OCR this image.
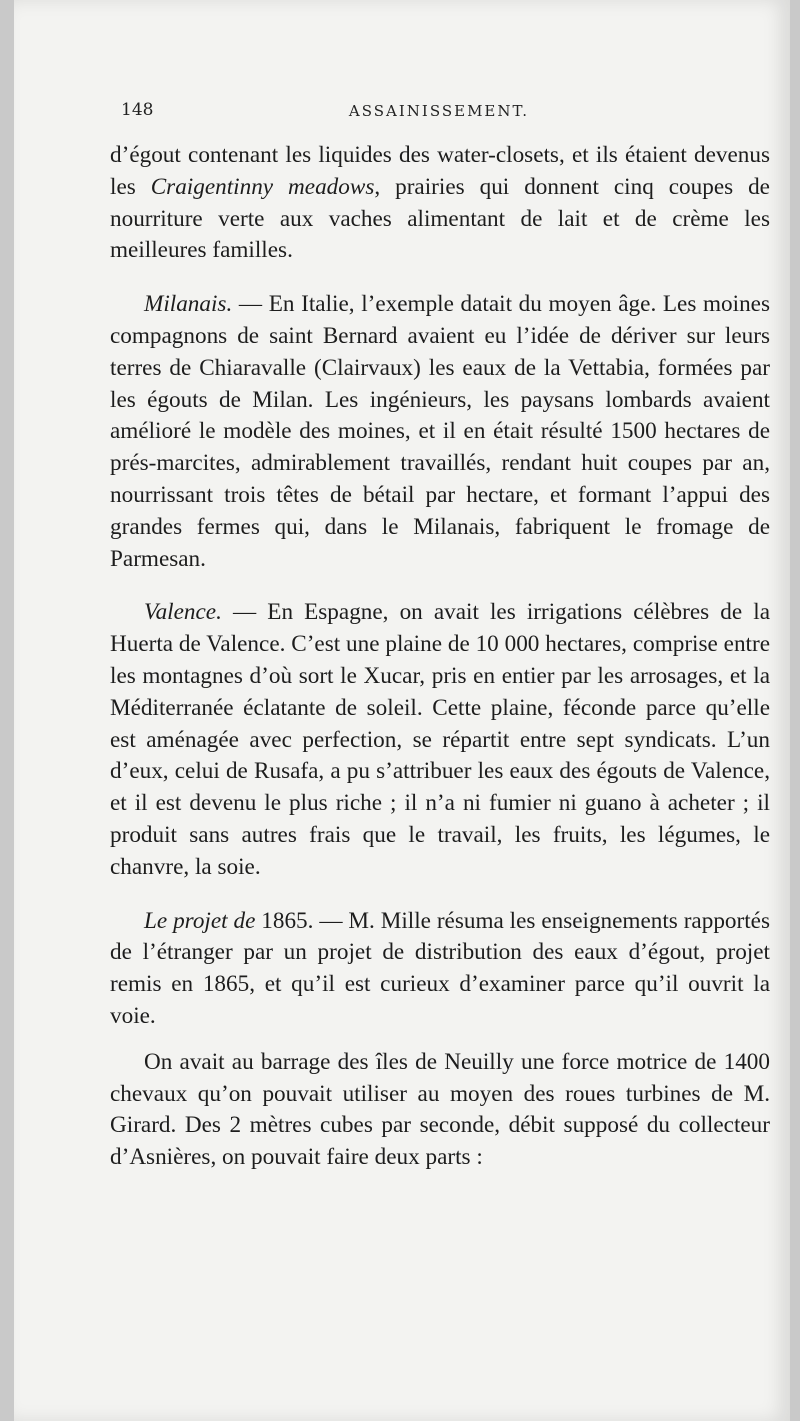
148	ASSAINISSEMENT.

d’égout contenant les liquides des water-closets, et ils étaient devenus les Craigentinny meadows, prairies qui donnent cinq coupes de nourriture verte aux vaches alimentant de lait et de crème les meilleures familles.

Milanais. — En Italie, l’exemple datait du moyen âge. Les moines compagnons de saint Bernard avaient eu l’idée de dériver sur leurs terres de Chiaravalle (Clairvaux) les eaux de la Vettabia, formées par les égouts de Milan. Les ingénieurs, les paysans lombards avaient amélioré le modèle des moines, et il en était résulté 1500 hectares de prés-marcites, admirablement travaillés, rendant huit coupes par an, nourrissant trois têtes de bétail par hectare, et formant l’appui des grandes fermes qui, dans le Milanais, fabriquent le fromage de Parmesan.

Valence. — En Espagne, on avait les irrigations célèbres de la Huerta de Valence. C’est une plaine de 10 000 hectares, comprise entre les montagnes d’où sort le Xucar, pris en entier par les arrosages, et la Méditerranée éclatante de soleil. Cette plaine, féconde parce qu’elle est aménagée avec perfection, se répartit entre sept syndicats. L’un d’eux, celui de Rusafa, a pu s’attribuer les eaux des égouts de Valence, et il est devenu le plus riche ; il n’a ni fumier ni guano à acheter ; il produit sans autres frais que le travail, les fruits, les légumes, le chanvre, la soie.

Le projet de 1865. — M. Mille résuma les enseignements rapportés de l’étranger par un projet de distribution des eaux d’égout, projet remis en 1865, et qu’il est curieux d’examiner parce qu’il ouvrit la voie.

On avait au barrage des îles de Neuilly une force motrice de 1400 chevaux qu’on pouvait utiliser au moyen des roues turbines de M. Girard. Des 2 mètres cubes par seconde, débit supposé du collecteur d’Asnières, on pouvait faire deux parts :
